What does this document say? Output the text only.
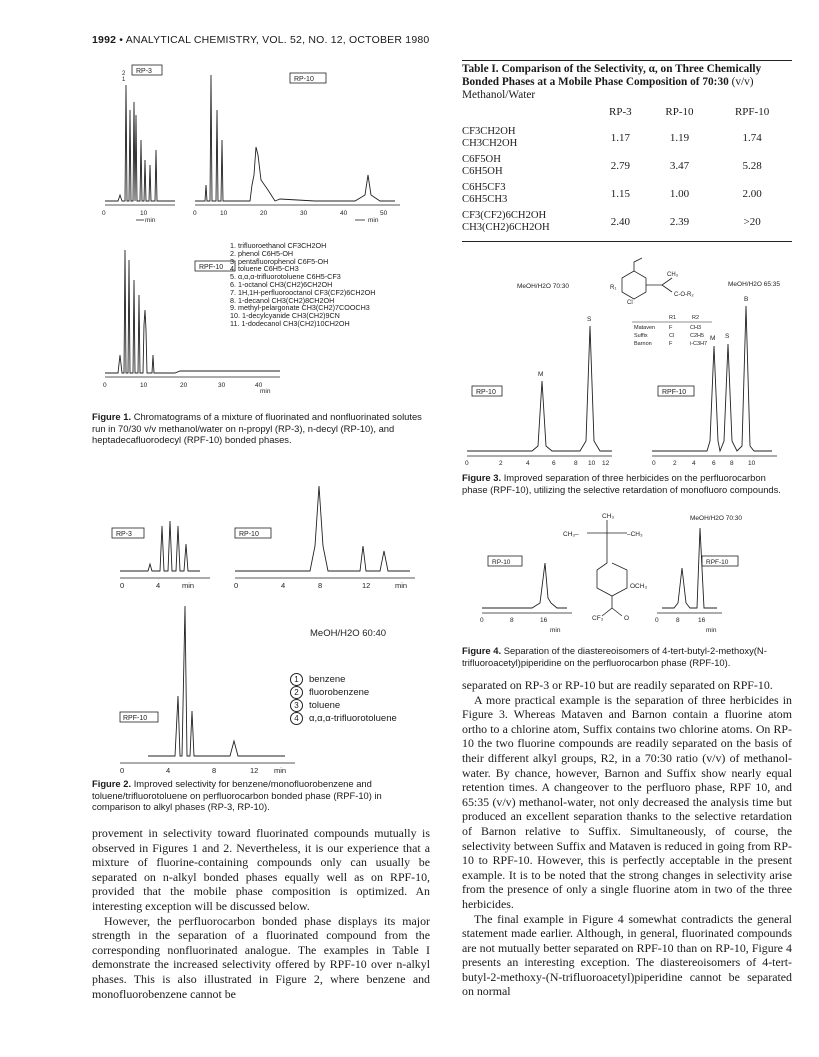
1992 • ANALYTICAL CHEMISTRY, VOL. 52, NO. 12, OCTOBER 1980
RP-3
0	10
min
1
2
RP-10
0	10	20	30	40	50
min
RPF-10
0	10	20	30	40
min
1. trifluoroethanol CF3CH2OH
2. phenol C6H5-OH
3. pentafluorophenol C6F5-OH
4. toluene C6H5-CH3
5. α,α,α-trifluorotoluene C6H5-CF3
6. 1-octanol CH3(CH2)6CH2OH
7. 1H,1H-perfluorooctanol CF3(CF2)6CH2OH
8. 1-decanol CH3(CH2)8CH2OH
9. methyl-pelargonate CH3(CH2)7COOCH3
10. 1-decylcyanide CH3(CH2)9CN
11. 1-dodecanol CH3(CH2)10CH2OH
Figure 1. Chromatograms of a mixture of fluorinated and nonfluorinated solutes run in 70/30 v/v methanol/water on n-propyl (RP-3), n-decyl (RP-10), and heptadecafluorodecyl (RPF-10) bonded phases.
RP-3
0	4	min
RP-10
0	4	8	12	min
MeOH/H2O 60:40
RPF-10
0	4	8	12 min
1 benzene
2 fluorobenzene
3 toluene
4 α,α,α-trifluorotoluene
Figure 2. Improved selectivity for benzene/monofluorobenzene and toluene/trifluorotoluene on perfluorocarbon bonded phase (RPF-10) in comparison to alkyl phases (RP-3, RP-10).

provement in selectivity toward fluorinated compounds mutually is observed in Figures 1 and 2. Nevertheless, it is our experience that a mixture of fluorine-containing compounds only can usually be separated on n-alkyl bonded phases equally well as on RPF-10, provided that the mobile phase composition is optimized. An interesting exception will be discussed below.

However, the perfluorocarbon bonded phase displays its major strength in the separation of a fluorinated compound from the corresponding nonfluorinated analogue. The examples in Table I demonstrate the increased selectivity offered by RPF-10 over n-alkyl phases. This is also illustrated in Figure 2, where benzene and monofluorobenzene cannot be

Table I. Comparison of the Selectivity, α, on Three Chemically Bonded Phases at a Mobile Phase Composition of 70:30 (v/v) Methanol/Water
	RP-3	RP-10	RPF-10

CF3CH2OH
CH3CH2OH	1.17	1.19	1.74

C6F5OH
C6H5OH	2.79	3.47	5.28

C6H5CF3
C6H5CH3	1.15	1.00	2.00

CF3(CF2)6CH2OH
CH3(CH2)6CH2OH	2.40	2.39	>20
MeOH/H2O 70:30	MeOH/H2O 65:35
R₁
Cl
CH₃
C-O-R₂
R1	R2
Mataven	F	CH3
Suffix	Cl	C2H5
Barnon	F	i-C3H7
RP-10
M
S
0	2	4	6	8 10 12
RPF-10
M S
B
0	2 4	6 8 10
Figure 3. Improved separation of three herbicides on the perfluorocarbon phase (RPF-10), utilizing the selective retardation of monofluoro compounds.
CH₃
CH₃–	–CH₃
OCH₃
CF₃	O
MeOH/H2O 70:30
RP-10	RPF-10
0	8	16
min
0	8	16
min
Figure 4. Separation of the diastereoisomers of 4-tert-butyl-2-methoxy(N-trifluoroacetyl)piperidine on the perfluorocarbon phase (RPF-10).

separated on RP-3 or RP-10 but are readily separated on RPF-10.

A more practical example is the separation of three herbicides in Figure 3. Whereas Mataven and Barnon contain a fluorine atom ortho to a chlorine atom, Suffix contains two chlorine atoms. On RP-10 the two fluorine compounds are readily separated on the basis of their different alkyl groups, R2, in a 70:30 ratio (v/v) of methanol-water. By chance, however, Barnon and Suffix show nearly equal retention times. A changeover to the perfluoro phase, RPF 10, and 65:35 (v/v) methanol-water, not only decreased the analysis time but produced an excellent separation thanks to the selective retardation of Barnon relative to Suffix. Simultaneously, of course, the selectivity between Suffix and Mataven is reduced in going from RP-10 to RPF-10. However, this is perfectly acceptable in the present example. It is to be noted that the strong changes in selectivity arise from the presence of only a single fluorine atom in two of the three herbicides.

The final example in Figure 4 somewhat contradicts the general statement made earlier. Although, in general, fluorinated compounds are not mutually better separated on RPF-10 than on RP-10, Figure 4 presents an interesting exception. The diastereoisomers of 4-tert-butyl-2-methoxy-(N-trifluoroacetyl)piperidine cannot be separated on normal
